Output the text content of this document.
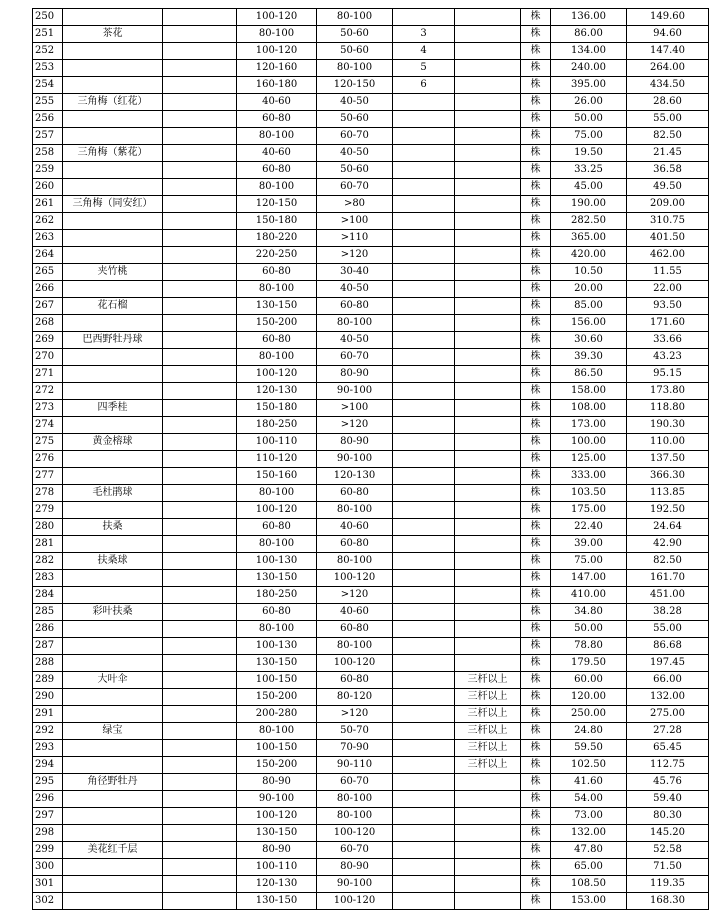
250			100-120	80-100			株	136.00	149.60
251	茶花		80-100	50-60	3		株	86.00	94.60
252			100-120	50-60	4		株	134.00	147.40
253			120-160	80-100	5		株	240.00	264.00
254			160-180	120-150	6		株	395.00	434.50
255	三角梅（红花）		40-60	40-50			株	26.00	28.60
256			60-80	50-60			株	50.00	55.00
257			80-100	60-70			株	75.00	82.50
258	三角梅（紫花）		40-60	40-50			株	19.50	21.45
259			60-80	50-60			株	33.25	36.58
260			80-100	60-70			株	45.00	49.50
261	三角梅（同安红）		120-150	>80			株	190.00	209.00
262			150-180	>100			株	282.50	310.75
263			180-220	>110			株	365.00	401.50
264			220-250	>120			株	420.00	462.00
265	夹竹桃		60-80	30-40			株	10.50	11.55
266			80-100	40-50			株	20.00	22.00
267	花石榴		130-150	60-80			株	85.00	93.50
268			150-200	80-100			株	156.00	171.60
269	巴西野牡丹球		60-80	40-50			株	30.60	33.66
270			80-100	60-70			株	39.30	43.23
271			100-120	80-90			株	86.50	95.15
272			120-130	90-100			株	158.00	173.80
273	四季桂		150-180	>100			株	108.00	118.80
274			180-250	>120			株	173.00	190.30
275	黄金榕球		100-110	80-90			株	100.00	110.00
276			110-120	90-100			株	125.00	137.50
277			150-160	120-130			株	333.00	366.30
278	毛杜鹃球		80-100	60-80			株	103.50	113.85
279			100-120	80-100			株	175.00	192.50
280	扶桑		60-80	40-60			株	22.40	24.64
281			80-100	60-80			株	39.00	42.90
282	扶桑球		100-130	80-100			株	75.00	82.50
283			130-150	100-120			株	147.00	161.70
284			180-250	>120			株	410.00	451.00
285	彩叶扶桑		60-80	40-60			株	34.80	38.28
286			80-100	60-80			株	50.00	55.00
287			100-130	80-100			株	78.80	86.68
288			130-150	100-120			株	179.50	197.45
289	大叶伞		100-150	60-80		三杆以上	株	60.00	66.00
290			150-200	80-120		三杆以上	株	120.00	132.00
291			200-280	>120		三杆以上	株	250.00	275.00
292	绿宝		80-100	50-70		三杆以上	株	24.80	27.28
293			100-150	70-90		三杆以上	株	59.50	65.45
294			150-200	90-110		三杆以上	株	102.50	112.75
295	角径野牡丹		80-90	60-70			株	41.60	45.76
296			90-100	80-100			株	54.00	59.40
297			100-120	80-100			株	73.00	80.30
298			130-150	100-120			株	132.00	145.20
299	美花红千层		80-90	60-70			株	47.80	52.58
300			100-110	80-90			株	65.00	71.50
301			120-130	90-100			株	108.50	119.35
302			130-150	100-120			株	153.00	168.30
